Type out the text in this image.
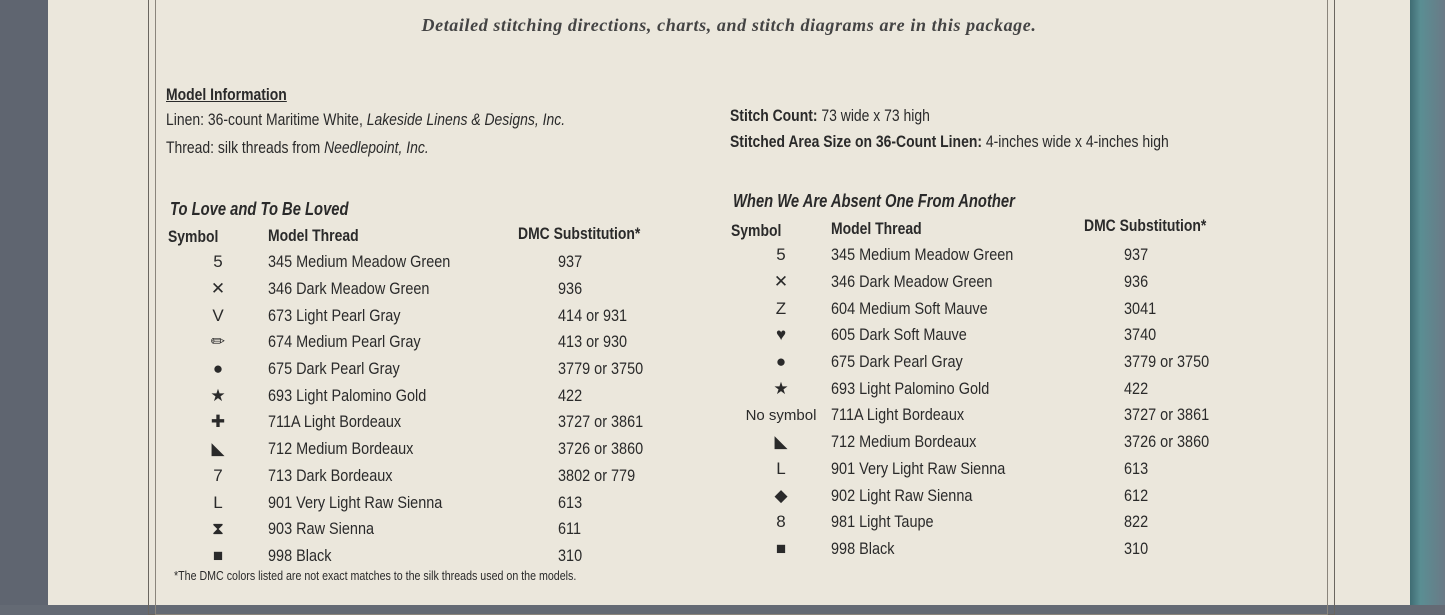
Detailed stitching directions, charts, and stitch diagrams are in this package.
Model Information
Linen: 36-count Maritime White, Lakeside Linens & Designs, Inc.
Thread: silk threads from Needlepoint, Inc.
Stitch Count: 73 wide x 73 high
Stitched Area Size on 36-Count Linen: 4-inches wide x 4-inches high
To Love and To Be Loved
Symbol	Model Thread	DMC Substitution*
5	345 Medium Meadow Green	937
✕	346 Dark Meadow Green	936
V	673 Light Pearl Gray	414 or 931
✏	674 Medium Pearl Gray	413 or 930
●	675 Dark Pearl Gray	3779 or 3750
★	693 Light Palomino Gold	422
✚	711A Light Bordeaux	3727 or 3861
◣	712 Medium Bordeaux	3726 or 3860
7	713 Dark Bordeaux	3802 or 779
L	901 Very Light Raw Sienna	613
⧗	903 Raw Sienna	611
■	998 Black	310
When We Are Absent One From Another
Symbol	Model Thread	DMC Substitution*
5	345 Medium Meadow Green	937
✕	346 Dark Meadow Green	936
Z	604 Medium Soft Mauve	3041
♥	605 Dark Soft Mauve	3740
●	675 Dark Pearl Gray	3779 or 3750
★	693 Light Palomino Gold	422
No symbol	711A Light Bordeaux	3727 or 3861
◣	712 Medium Bordeaux	3726 or 3860
L	901 Very Light Raw Sienna	613
◆	902 Light Raw Sienna	612
8	981 Light Taupe	822
■	998 Black	310
*The DMC colors listed are not exact matches to the silk threads used on the models.
